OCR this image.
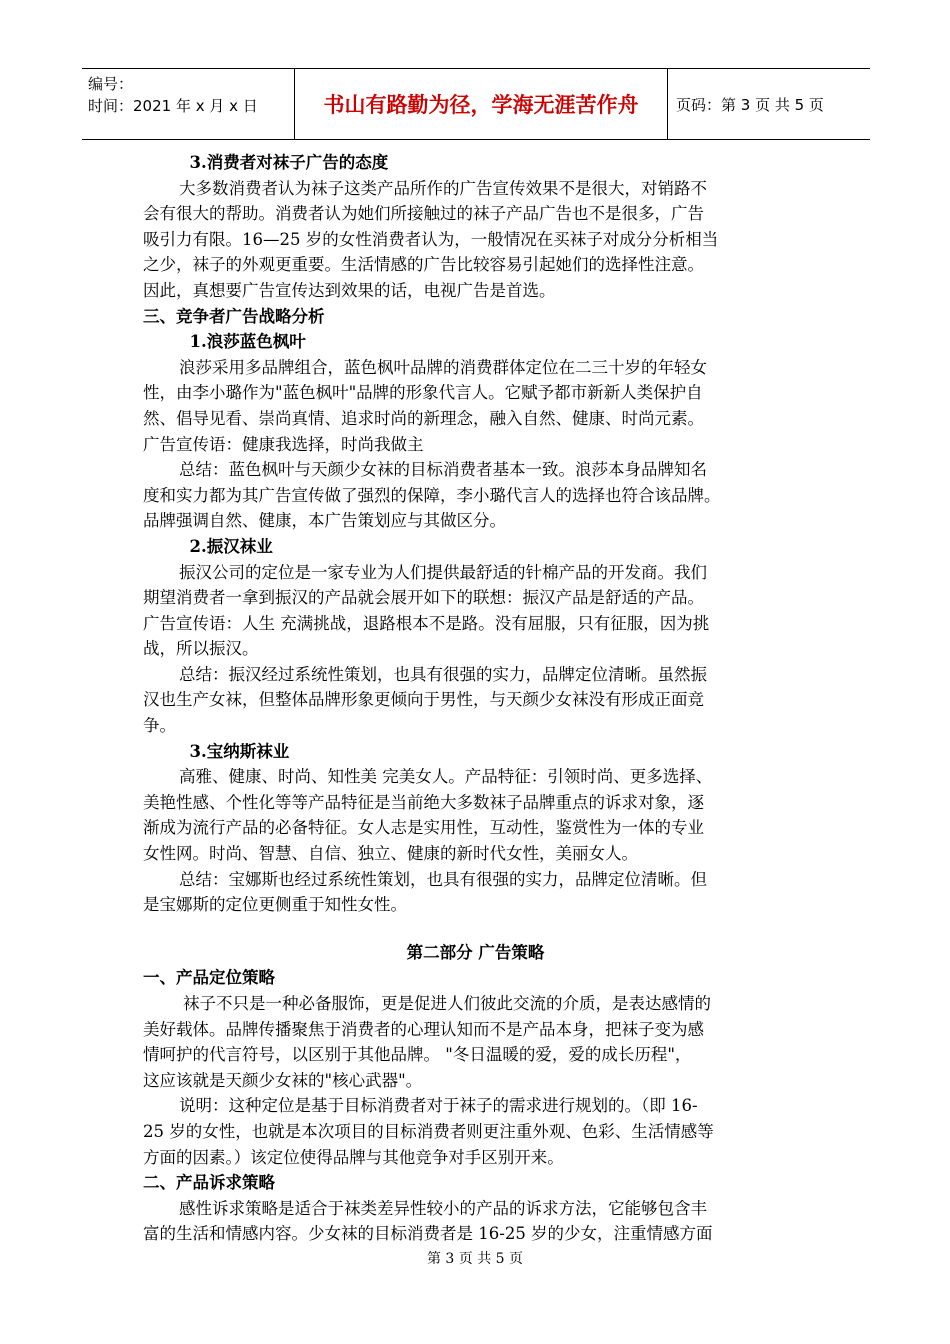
编号：
时间：2021 年 x 月 x 日	书山有路勤为径，学海无涯苦作舟	页码：第 3 页 共 5 页
　3.消费者对袜子广告的态度
大多数消费者认为袜子这类产品所作的广告宣传效果不是很大，对销路不
会有很大的帮助。消费者认为她们所接触过的袜子产品广告也不是很多，广告
吸引力有限。16—25 岁的女性消费者认为，一般情况在买袜子对成分分析相当
之少，袜子的外观更重要。生活情感的广告比较容易引起她们的选择性注意。
因此，真想要广告宣传达到效果的话，电视广告是首选。
三、竞争者广告战略分析
　1.浪莎蓝色枫叶
浪莎采用多品牌组合，蓝色枫叶品牌的消费群体定位在二三十岁的年轻女
性，由李小璐作为"蓝色枫叶"品牌的形象代言人。它赋予都市新新人类保护自
然、倡导见看、崇尚真情、追求时尚的新理念，融入自然、健康、时尚元素。
广告宣传语：健康我选择，时尚我做主
总结：蓝色枫叶与天颜少女袜的目标消费者基本一致。浪莎本身品牌知名
度和实力都为其广告宣传做了强烈的保障，李小璐代言人的选择也符合该品牌。
品牌强调自然、健康，本广告策划应与其做区分。
　2.振汉袜业
振汉公司的定位是一家专业为人们提供最舒适的针棉产品的开发商。我们
期望消费者一拿到振汉的产品就会展开如下的联想：振汉产品是舒适的产品。
广告宣传语：人生 充满挑战，退路根本不是路。没有屈服，只有征服，因为挑
战，所以振汉。
总结：振汉经过系统性策划，也具有很强的实力，品牌定位清晰。虽然振
汉也生产女袜，但整体品牌形象更倾向于男性，与天颜少女袜没有形成正面竞
争。
　3.宝纳斯袜业
高雅、健康、时尚、知性美 完美女人。产品特征：引领时尚、更多选择、
美艳性感、个性化等等产品特征是当前绝大多数袜子品牌重点的诉求对象，逐
渐成为流行产品的必备特征。女人志是实用性，互动性，鉴赏性为一体的专业
女性网。时尚、智慧、自信、独立、健康的新时代女性，美丽女人。
总结：宝娜斯也经过系统性策划，也具有很强的实力，品牌定位清晰。但
是宝娜斯的定位更侧重于知性女性。
第二部分 广告策略
一、产品定位策略
袜子不只是一种必备服饰，更是促进人们彼此交流的介质，是表达感情的
美好载体。品牌传播聚焦于消费者的心理认知而不是产品本身，把袜子变为感
情呵护的代言符号，以区别于其他品牌。 "冬日温暖的爱，爱的成长历程"，
这应该就是天颜少女袜的"核心武器"。
说明：这种定位是基于目标消费者对于袜子的需求进行规划的。（即 16-
25 岁的女性，也就是本次项目的目标消费者则更注重外观、色彩、生活情感等
方面的因素。）该定位使得品牌与其他竞争对手区别开来。
二、产品诉求策略
感性诉求策略是适合于袜类差异性较小的产品的诉求方法，它能够包含丰
富的生活和情感内容。少女袜的目标消费者是 16-25 岁的少女，注重情感方面
第 3 页 共 5 页
